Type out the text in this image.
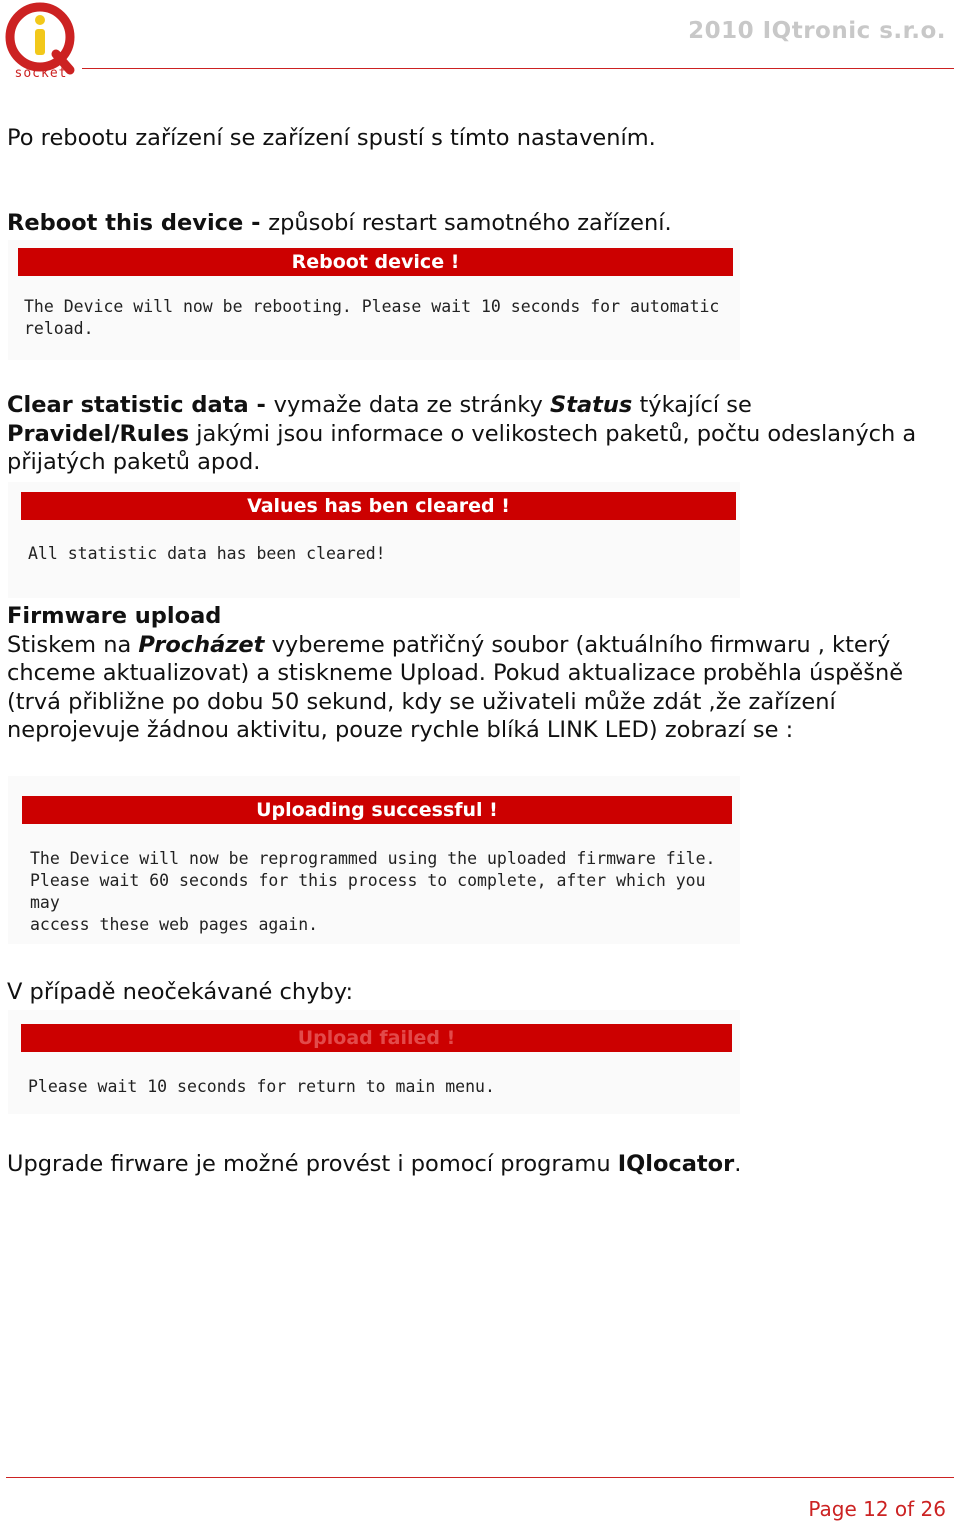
socket
2010 IQtronic s.r.o.
Po rebootu zařízení se zařízení spustí s tímto nastavením.
Reboot this device - způsobí restart samotného zařízení.
Reboot device !
The Device will now be rebooting. Please wait 10 seconds for automatic
reload.
Clear statistic data - vymaže data ze stránky Status týkající se
Pravidel/Rules jakými jsou informace o velikostech paketů, počtu odeslaných a přijatých paketů apod.
Values has ben cleared !
All statistic data has been cleared!
Firmware upload
Stiskem na Procházet vybereme patřičný soubor (aktuálního firmwaru , který chceme aktualizovat) a stiskneme Upload. Pokud aktualizace proběhla úspěšně (trvá přibližne po dobu 50 sekund, kdy se uživateli může zdát ,že zařízení neprojevuje žádnou aktivitu, pouze rychle blíká LINK LED) zobrazí se :
Uploading successful !
The Device will now be reprogrammed using the uploaded firmware file.
Please wait 60 seconds for this process to complete, after which you may
access these web pages again.
V případě neočekávané chyby:
Upload failed !
Please wait 10 seconds for return to main menu.
Upgrade firware je možné provést i pomocí programu IQlocator.
Page 12 of 26
